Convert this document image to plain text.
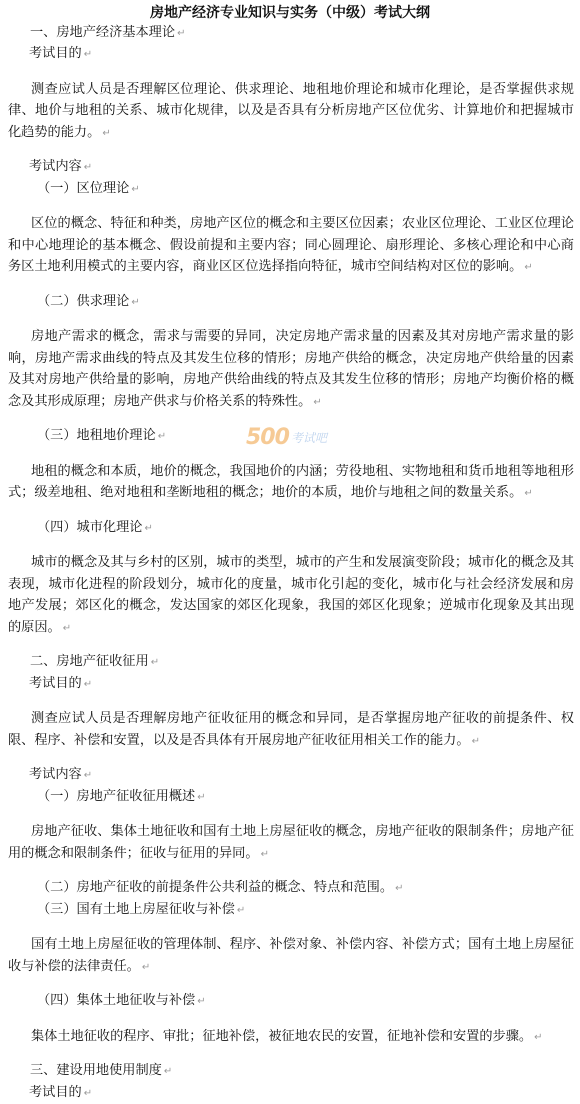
房地产经济专业知识与实务（中级）考试大纲

一、房地产经济基本理论 ↵

考试目的 ↵

测查应试人员是否理解区位理论、供求理论、地租地价理论和城市化理论，是否掌握供求规律、地价与地租的关系、城市化规律，以及是否具有分析房地产区位优劣、计算地价和把握城市化趋势的能力。 ↵

考试内容 ↵

（一）区位理论 ↵

区位的概念、特征和种类，房地产区位的概念和主要区位因素；农业区位理论、工业区位理论和中心地理论的基本概念、假设前提和主要内容；同心圆理论、扇形理论、多核心理论和中心商务区土地利用模式的主要内容，商业区区位选择指向特征，城市空间结构对区位的影响。 ↵

（二）供求理论 ↵

房地产需求的概念，需求与需要的异同，决定房地产需求量的因素及其对房地产需求量的影响，房地产需求曲线的特点及其发生位移的情形；房地产供给的概念，决定房地产供给量的因素及其对房地产供给量的影响，房地产供给曲线的特点及其发生位移的情形；房地产均衡价格的概念及其形成原理；房地产供求与价格关系的特殊性。 ↵

（三）地租地价理论 ↵

地租的概念和本质，地价的概念，我国地价的内涵；劳役地租、实物地租和货币地租等地租形式；级差地租、绝对地租和垄断地租的概念；地价的本质，地价与地租之间的数量关系。 ↵

（四）城市化理论 ↵

城市的概念及其与乡村的区别，城市的类型，城市的产生和发展演变阶段；城市化的概念及其表现，城市化进程的阶段划分，城市化的度量，城市化引起的变化，城市化与社会经济发展和房地产发展；郊区化的概念，发达国家的郊区化现象，我国的郊区化现象；逆城市化现象及其出现的原因。 ↵

二、房地产征收征用 ↵

考试目的 ↵

测查应试人员是否理解房地产征收征用的概念和异同，是否掌握房地产征收的前提条件、权限、程序、补偿和安置，以及是否具体有开展房地产征收征用相关工作的能力。 ↵

考试内容 ↵

（一）房地产征收征用概述 ↵

房地产征收、集体土地征收和国有土地上房屋征收的概念，房地产征收的限制条件；房地产征用的概念和限制条件；征收与征用的异同。 ↵

（二）房地产征收的前提条件公共利益的概念、特点和范围。 ↵

（三）国有土地上房屋征收与补偿 ↵

国有土地上房屋征收的管理体制、程序、补偿对象、补偿内容、补偿方式；国有土地上房屋征收与补偿的法律责任。 ↵

（四）集体土地征收与补偿 ↵

集体土地征收的程序、审批；征地补偿，被征地农民的安置，征地补偿和安置的步骤。 ↵

三、建设用地使用制度 ↵

考试目的 ↵

500 考试吧
